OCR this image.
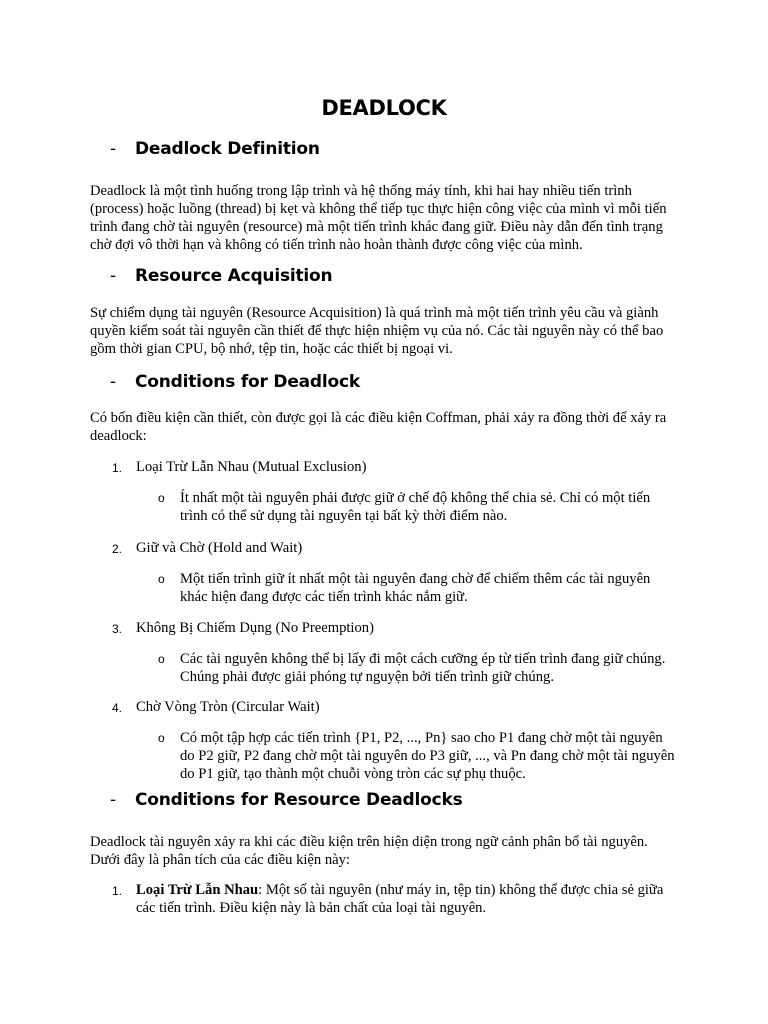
DEADLOCK
- Deadlock Definition
Deadlock là một tình huống trong lập trình và hệ thống máy tính, khi hai hay nhiều tiến trình (process) hoặc luồng (thread) bị kẹt và không thể tiếp tục thực hiện công việc của mình vì mỗi tiến trình đang chờ tài nguyên (resource) mà một tiến trình khác đang giữ. Điều này dẫn đến tình trạng chờ đợi vô thời hạn và không có tiến trình nào hoàn thành được công việc của mình.
- Resource Acquisition
Sự chiếm dụng tài nguyên (Resource Acquisition) là quá trình mà một tiến trình yêu cầu và giành quyền kiểm soát tài nguyên cần thiết để thực hiện nhiệm vụ của nó. Các tài nguyên này có thể bao gồm thời gian CPU, bộ nhớ, tệp tin, hoặc các thiết bị ngoại vi.
- Conditions for Deadlock
Có bốn điều kiện cần thiết, còn được gọi là các điều kiện Coffman, phải xảy ra đồng thời để xảy ra deadlock:
1. Loại Trừ Lẫn Nhau (Mutual Exclusion)
o Ít nhất một tài nguyên phải được giữ ở chế độ không thể chia sẻ. Chỉ có một tiến trình có thể sử dụng tài nguyên tại bất kỳ thời điểm nào.
2. Giữ và Chờ (Hold and Wait)
o Một tiến trình giữ ít nhất một tài nguyên đang chờ để chiếm thêm các tài nguyên khác hiện đang được các tiến trình khác nắm giữ.
3. Không Bị Chiếm Dụng (No Preemption)
o Các tài nguyên không thể bị lấy đi một cách cưỡng ép từ tiến trình đang giữ chúng. Chúng phải được giải phóng tự nguyện bởi tiến trình giữ chúng.
4. Chờ Vòng Tròn (Circular Wait)
o Có một tập hợp các tiến trình {P1, P2, ..., Pn} sao cho P1 đang chờ một tài nguyên do P2 giữ, P2 đang chờ một tài nguyên do P3 giữ, ..., và Pn đang chờ một tài nguyên do P1 giữ, tạo thành một chuỗi vòng tròn các sự phụ thuộc.
- Conditions for Resource Deadlocks
Deadlock tài nguyên xảy ra khi các điều kiện trên hiện diện trong ngữ cảnh phân bổ tài nguyên. Dưới đây là phân tích của các điều kiện này:
1. Loại Trừ Lẫn Nhau: Một số tài nguyên (như máy in, tệp tin) không thể được chia sẻ giữa các tiến trình. Điều kiện này là bản chất của loại tài nguyên.
